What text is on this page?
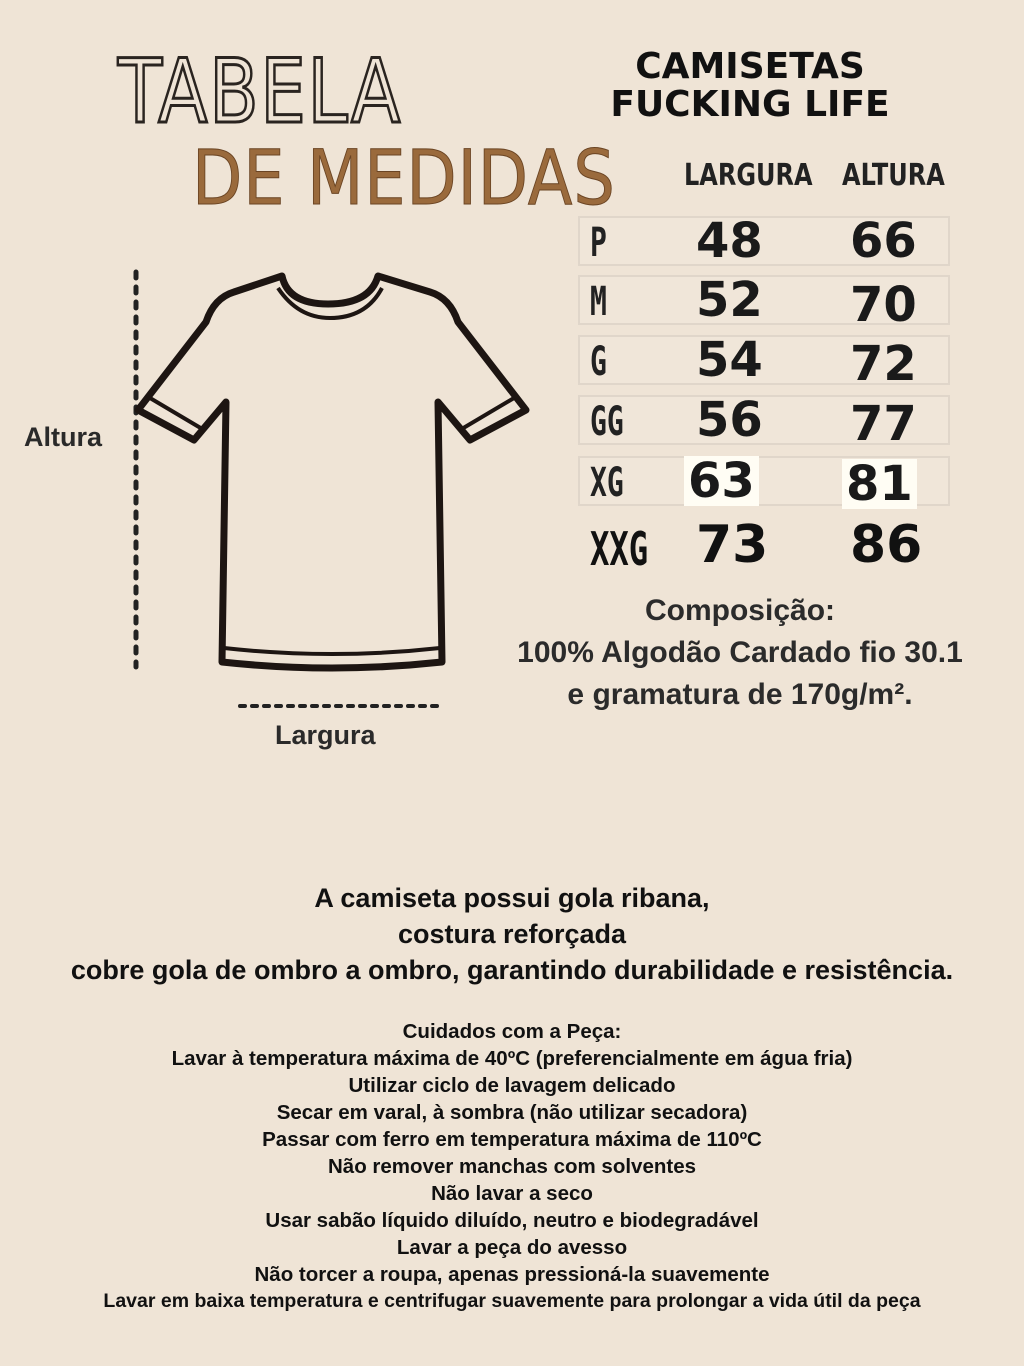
TABELA
DE MEDIDAS
CAMISETAS
FUCKING LIFE
LARGURA ALTURA
P 48 66
M 52 70
G 54 72
GG 56 77
XG 63 81
XXG 73 86
Altura
Largura
Composição:
100% Algodão Cardado fio 30.1
e gramatura de 170g/m².
A camiseta possui gola ribana,
costura reforçada
cobre gola de ombro a ombro, garantindo durabilidade e resistência.
Cuidados com a Peça:
Lavar à temperatura máxima de 40ºC (preferencialmente em água fria)
Utilizar ciclo de lavagem delicado
Secar em varal, à sombra (não utilizar secadora)
Passar com ferro em temperatura máxima de 110ºC
Não remover manchas com solventes
Não lavar a seco
Usar sabão líquido diluído, neutro e biodegradável
Lavar a peça do avesso
Não torcer a roupa, apenas pressioná-la suavemente
Lavar em baixa temperatura e centrifugar suavemente para prolongar a vida útil da peça
